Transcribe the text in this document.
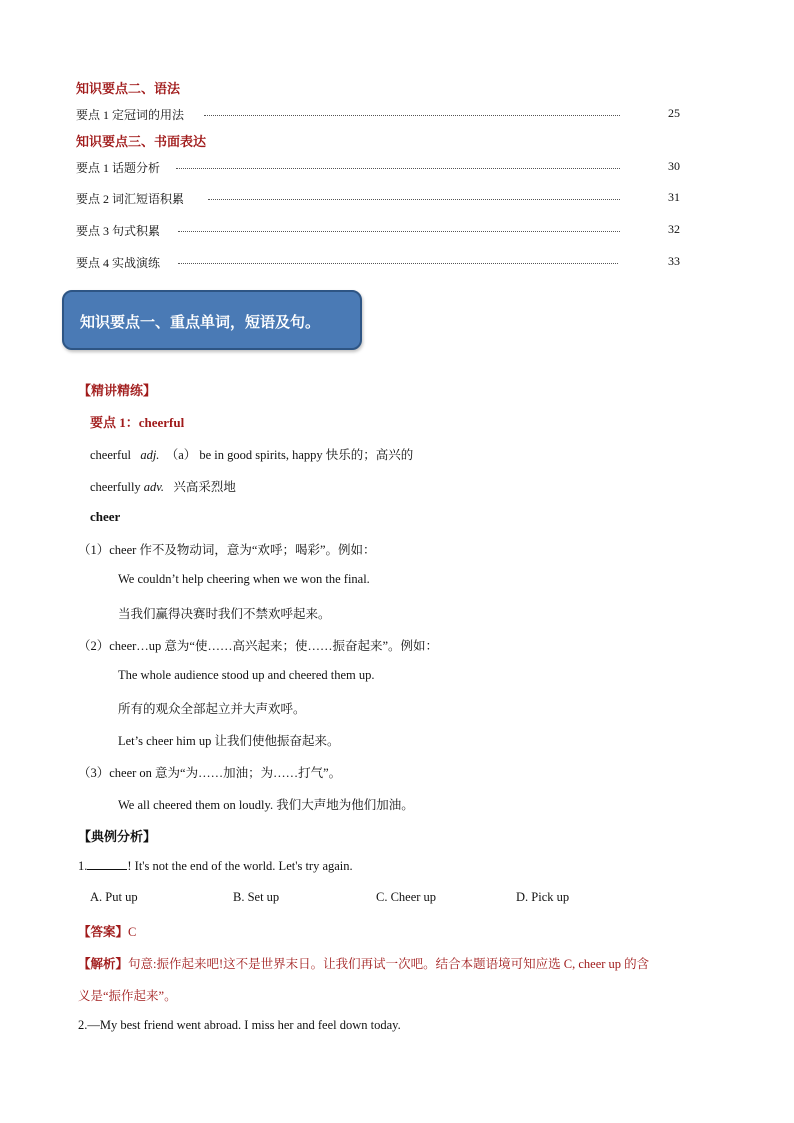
知识要点二、语法
要点 1 定冠词的用法	25
知识要点三、书面表达
要点 1 话题分析	30
要点 2 词汇短语积累	31
要点 3 句式积累	32
要点 4 实战演练	33
知识要点一、重点单词，短语及句。
【精讲精练】
要点 1：cheerful
cheerful adj. （a） be in good spirits, happy 快乐的；高兴的
cheerfully adv. 兴高采烈地
cheer
（1）cheer 作不及物动词，意为“欢呼；喝彩”。例如：
We couldn’t help cheering when we won the final.
当我们赢得决赛时我们不禁欢呼起来。
（2）cheer…up 意为“使……高兴起来；使……振奋起来”。例如：
The whole audience stood up and cheered them up.
所有的观众全部起立并大声欢呼。
Let’s cheer him up 让我们使他振奋起来。
（3）cheer on 意为“为……加油；为……打气”。
We all cheered them on loudly. 我们大声地为他们加油。
【典例分析】
1.	! It's not the end of the world. Let's try again.
A. Put up	B. Set up	C. Cheer up	D. Pick up
【答案】C
【解析】句意:振作起来吧!这不是世界末日。让我们再试一次吧。结合本题语境可知应选 C, cheer up 的含
义是“振作起来”。
2.—My best friend went abroad. I miss her and feel down today.
